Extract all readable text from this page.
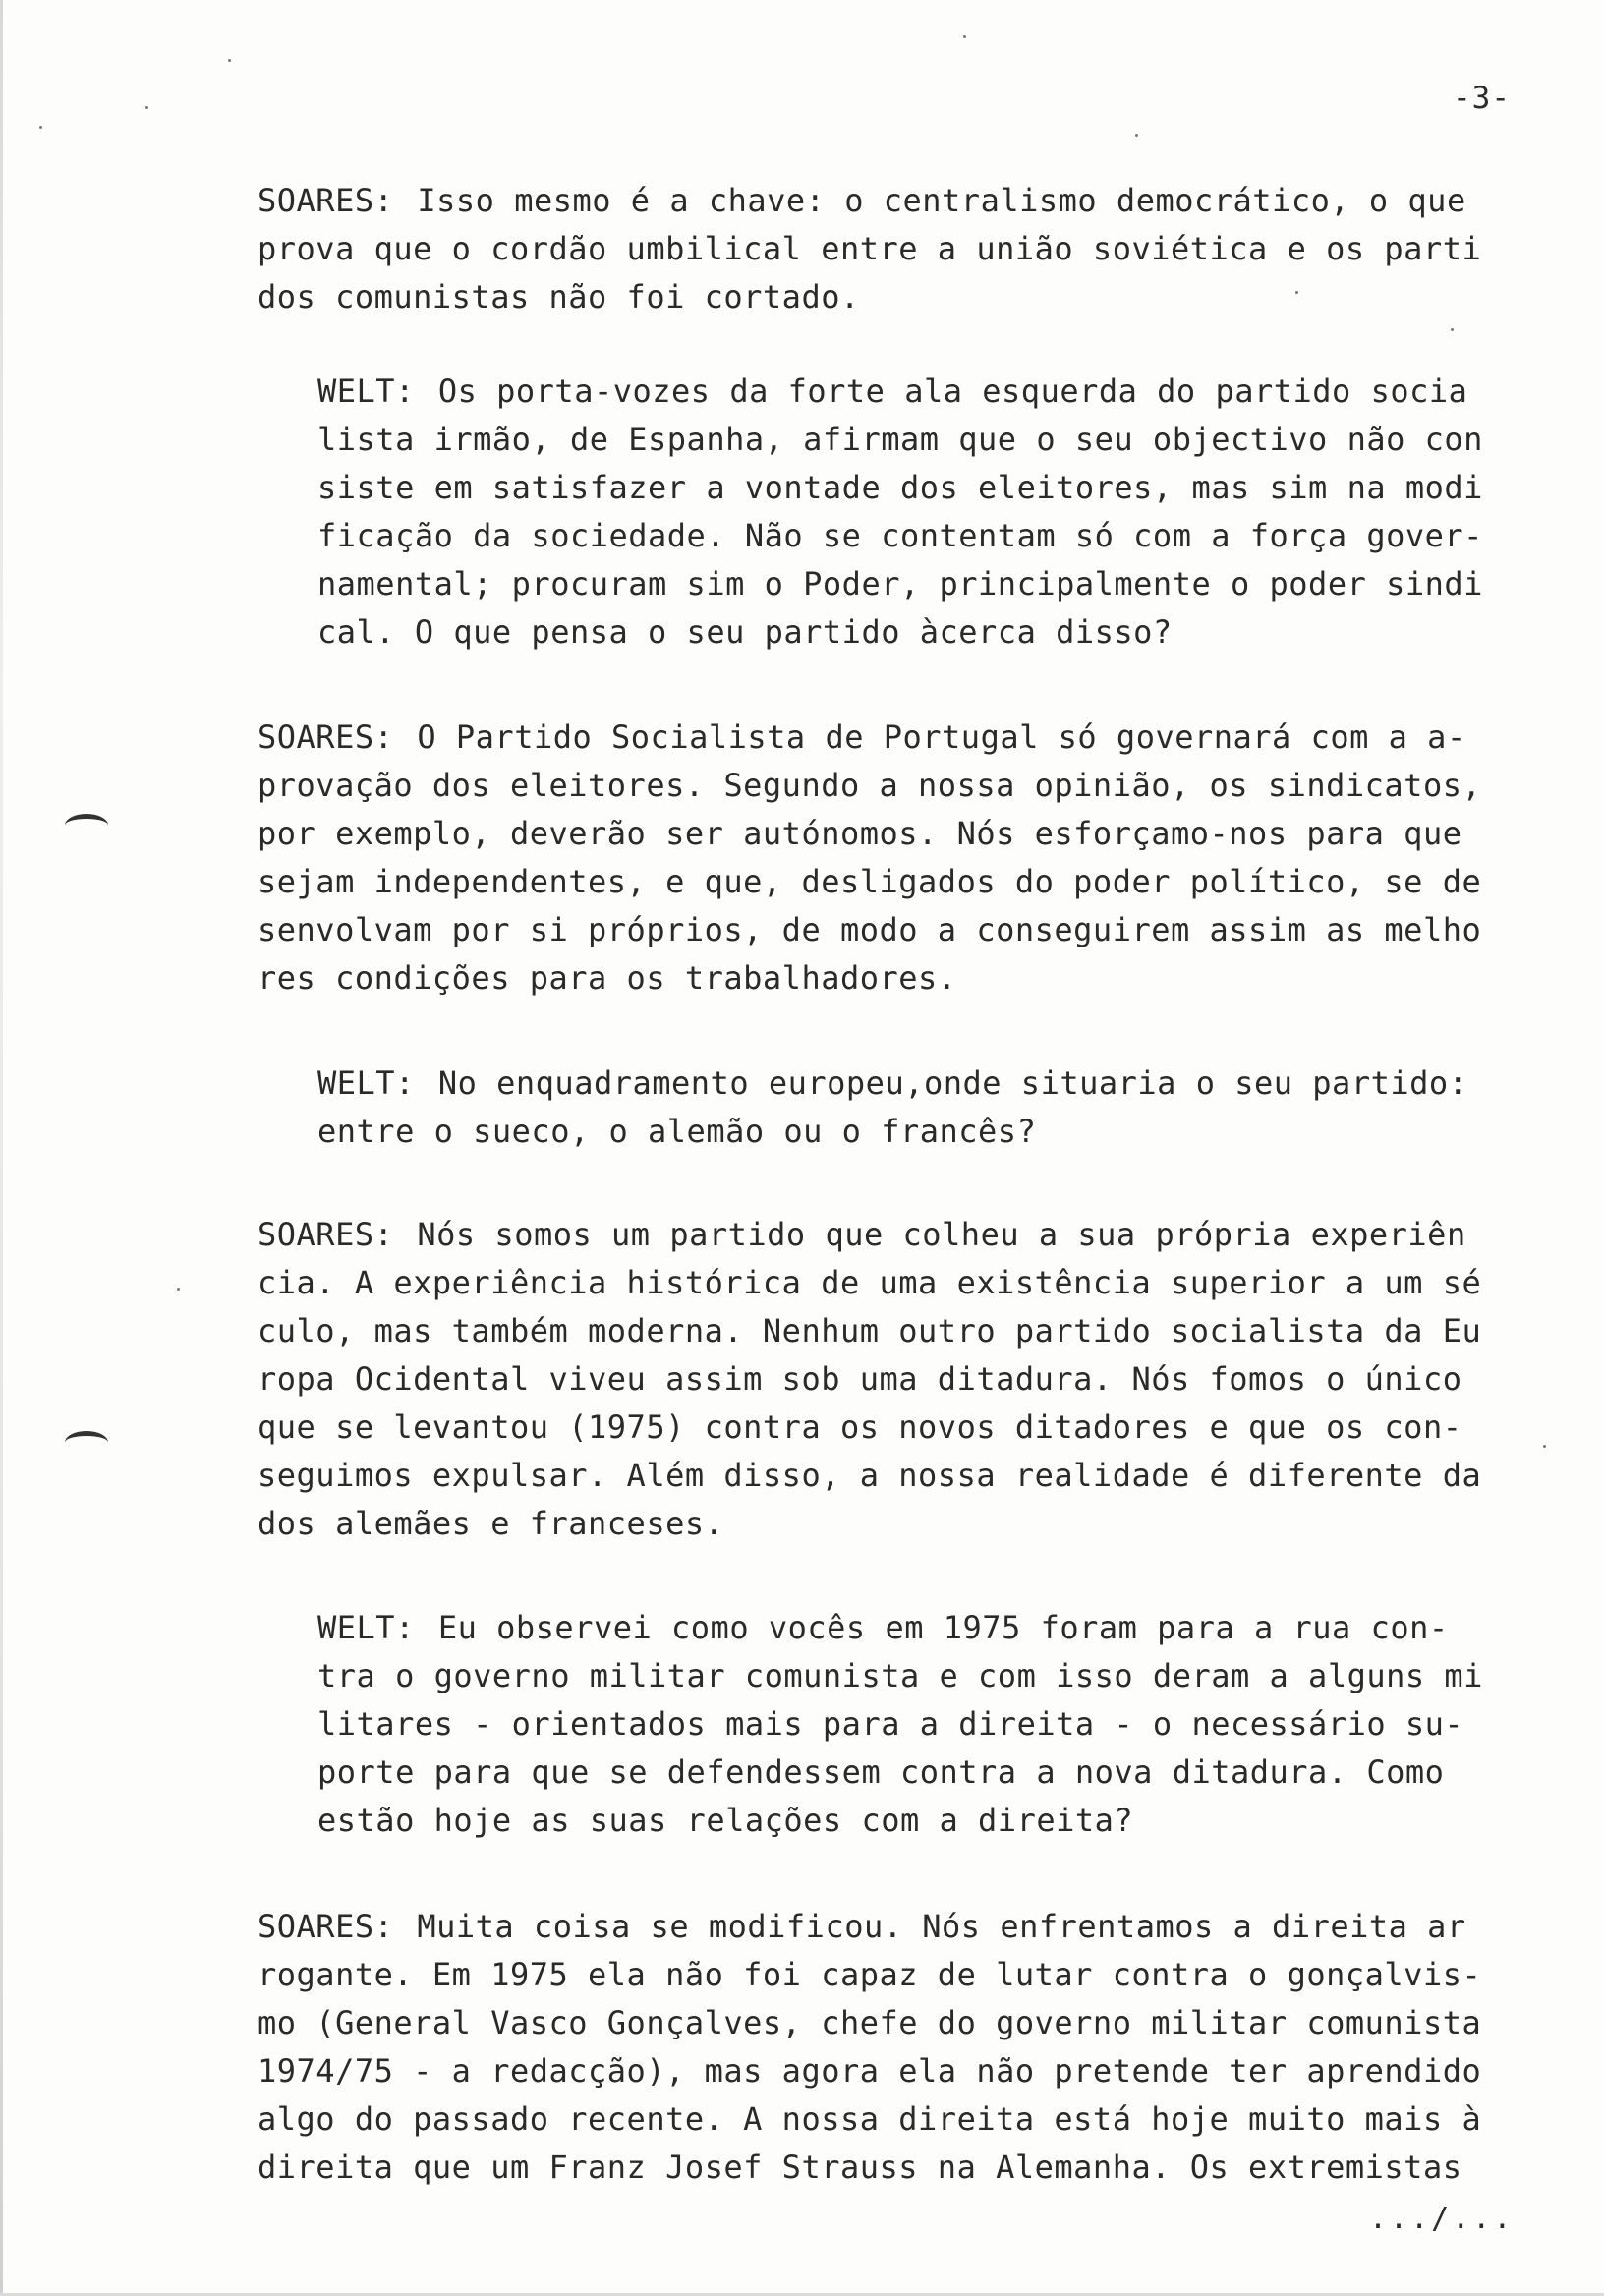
-3-
SOARES: Isso mesmo é a chave: o centralismo democrático, o que
prova que o cordão umbilical entre a união soviética e os parti
dos comunistas não foi cortado.
WELT: Os porta-vozes da forte ala esquerda do partido socia
lista irmão, de Espanha, afirmam que o seu objectivo não con
siste em satisfazer a vontade dos eleitores, mas sim na modi
ficação da sociedade. Não se contentam só com a força gover-
namental; procuram sim o Poder, principalmente o poder sindi
cal. O que pensa o seu partido àcerca disso?
SOARES: O Partido Socialista de Portugal só governará com a a-
provação dos eleitores. Segundo a nossa opinião, os sindicatos,
por exemplo, deverão ser autónomos. Nós esforçamo-nos para que
sejam independentes, e que, desligados do poder político, se de
senvolvam por si próprios, de modo a conseguirem assim as melho
res condições para os trabalhadores.
WELT: No enquadramento europeu,onde situaria o seu partido:
entre o sueco, o alemão ou o francês?
SOARES: Nós somos um partido que colheu a sua própria experiên
cia. A experiência histórica de uma existência superior a um sé
culo, mas também moderna. Nenhum outro partido socialista da Eu
ropa Ocidental viveu assim sob uma ditadura. Nós fomos o único
que se levantou (1975) contra os novos ditadores e que os con-
seguimos expulsar. Além disso, a nossa realidade é diferente da
dos alemães e franceses.
WELT: Eu observei como vocês em 1975 foram para a rua con-
tra o governo militar comunista e com isso deram a alguns mi
litares - orientados mais para a direita - o necessário su-
porte para que se defendessem contra a nova ditadura. Como
estão hoje as suas relações com a direita?
SOARES: Muita coisa se modificou. Nós enfrentamos a direita ar
rogante. Em 1975 ela não foi capaz de lutar contra o gonçalvis-
mo (General Vasco Gonçalves, chefe do governo militar comunista
1974/75 - a redacção), mas agora ela não pretende ter aprendido
algo do passado recente. A nossa direita está hoje muito mais à
direita que um Franz Josef Strauss na Alemanha. Os extremistas
.../...
